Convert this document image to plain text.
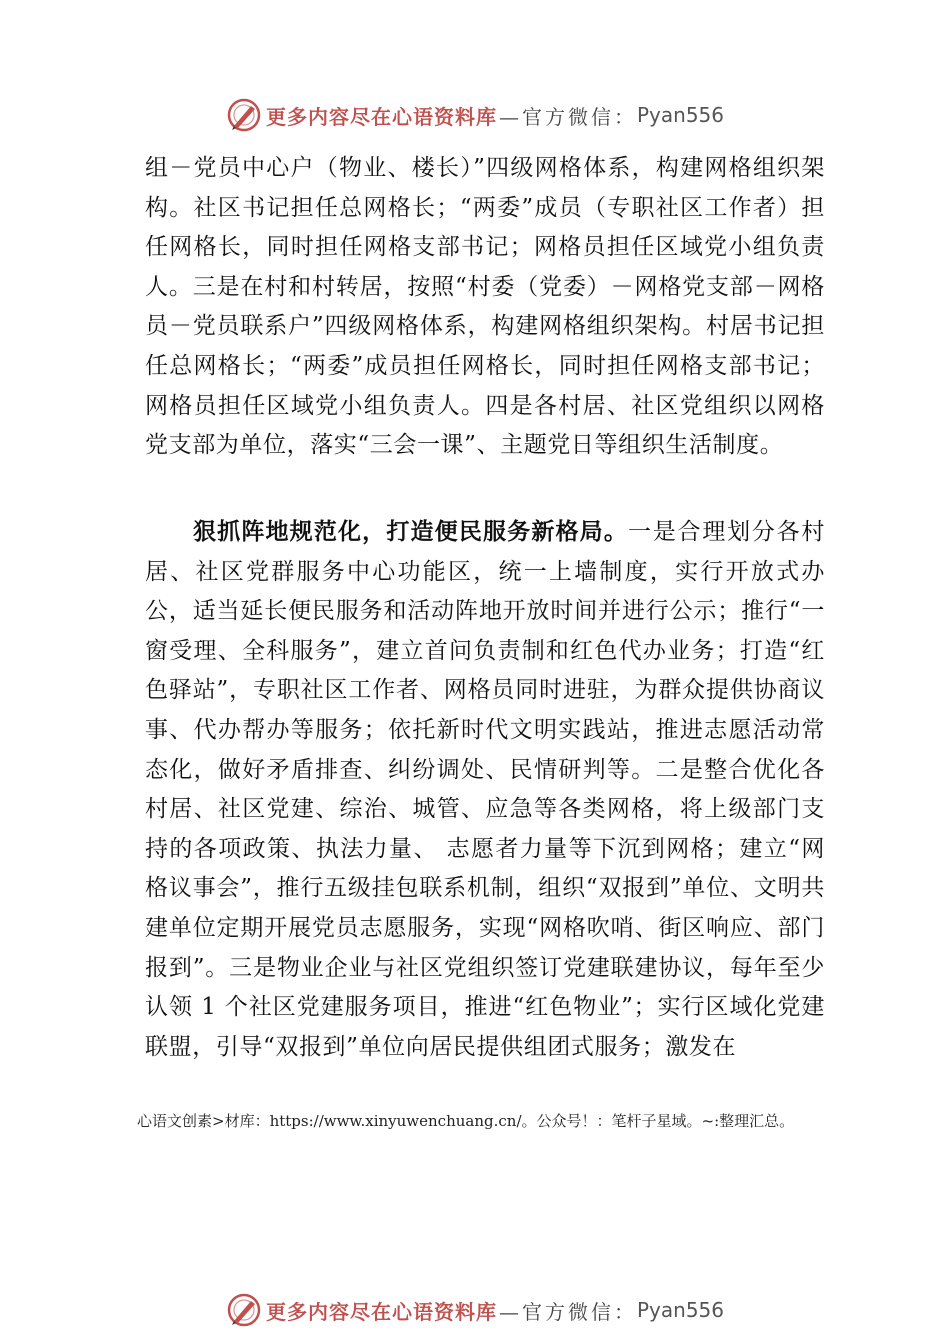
更多内容尽在心语资料库 —官方微信： Pyan556

组－党员中心户（物业、楼长）”四级网格体系，构建网格组织架构。社区书记担任总网格长；“两委”成员（专职社区工作者）担任网格长，同时担任网格支部书记；网格员担任区域党小组负责人。三是在村和村转居，按照“村委（党委）－网格党支部－网格员－党员联系户”四级网格体系，构建网格组织架构。村居书记担任总网格长；“两委”成员担任网格长，同时担任网格支部书记；网格员担任区域党小组负责人。四是各村居、社区党组织以网格党支部为单位，落实“三会一课”、主题党日等组织生活制度。

狠抓阵地规范化，打造便民服务新格局。一是合理划分各村居、社区党群服务中心功能区，统一上墙制度，实行开放式办公，适当延长便民服务和活动阵地开放时间并进行公示；推行“一窗受理、全科服务”，建立首问负责制和红色代办业务；打造“红色驿站”，专职社区工作者、网格员同时进驻，为群众提供协商议事、代办帮办等服务；依托新时代文明实践站，推进志愿活动常态化，做好矛盾排查、纠纷调处、民情研判等。二是整合优化各村居、社区党建、综治、城管、应急等各类网格，将上级部门支持的各项政策、执法力量、 志愿者力量等下沉到网格；建立“网格议事会”，推行五级挂包联系机制，组织“双报到”单位、文明共建单位定期开展党员志愿服务，实现“网格吹哨、街区响应、部门报到”。三是物业企业与社区党组织签订党建联建协议，每年至少认领 1 个社区党建服务项目，推进“红色物业”；实行区域化党建联盟，引导“双报到”单位向居民提供组团式服务；激发在

心语文创素>材库：https://www.xinyuwenchuang.cn/。公众号！：笔杆子星域。~:整理汇总。

更多内容尽在心语资料库 —官方微信： Pyan556
